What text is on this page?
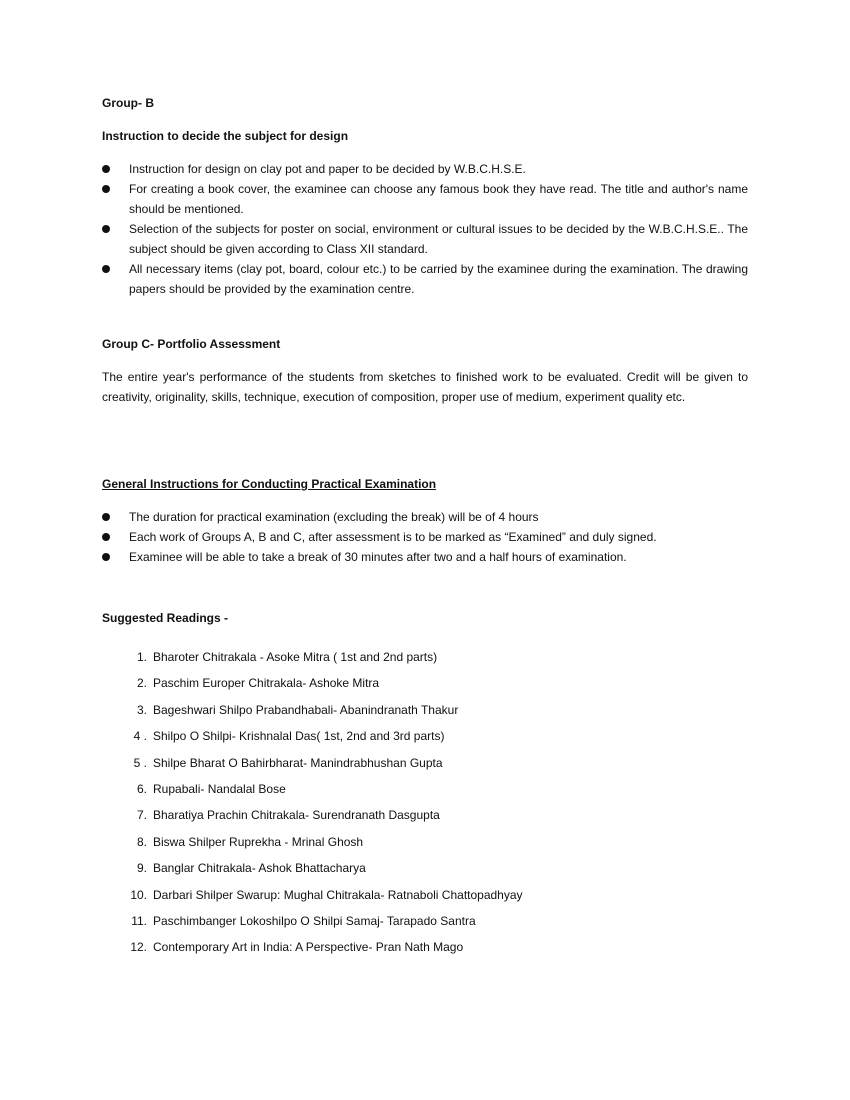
Group- B

Instruction to decide the subject for design

Instruction for design on clay pot and paper to be decided by W.B.C.H.S.E.
For creating a book cover, the examinee can choose any famous book they have read. The title and author's name should be mentioned.
Selection of the subjects for poster on social, environment or cultural issues to be decided by the W.B.C.H.S.E.. The subject should be given according to Class XII standard.
All necessary items (clay pot, board, colour etc.) to be carried by the examinee during the examination. The drawing papers should be provided by the examination centre.

Group C- Portfolio Assessment

The entire year's performance of the students from sketches to finished work to be evaluated. Credit will be given to creativity, originality, skills, technique, execution of composition, proper use of medium, experiment quality etc.

General Instructions for Conducting Practical Examination

The duration for practical examination (excluding the break) will be of 4 hours
Each work of Groups A, B and C, after assessment is to be marked as “Examined” and duly signed.
Examinee will be able to take a break of 30 minutes after two and a half hours of examination.

Suggested Readings -

1. Bharoter Chitrakala - Asoke Mitra ( 1st and 2nd parts)
2. Paschim Europer Chitrakala- Ashoke Mitra
3. Bageshwari Shilpo Prabandhabali- Abanindranath Thakur
4 . Shilpo O Shilpi- Krishnalal Das( 1st, 2nd and 3rd parts)
5 . Shilpe Bharat O Bahirbharat- Manindrabhushan Gupta
6. Rupabali- Nandalal Bose
7. Bharatiya Prachin Chitrakala- Surendranath Dasgupta
8. Biswa Shilper Ruprekha - Mrinal Ghosh
9. Banglar Chitrakala- Ashok Bhattacharya
10. Darbari Shilper Swarup: Mughal Chitrakala- Ratnaboli Chattopadhyay
11. Paschimbanger Lokoshilpo O Shilpi Samaj- Tarapado Santra
12. Contemporary Art in India: A Perspective- Pran Nath Mago
